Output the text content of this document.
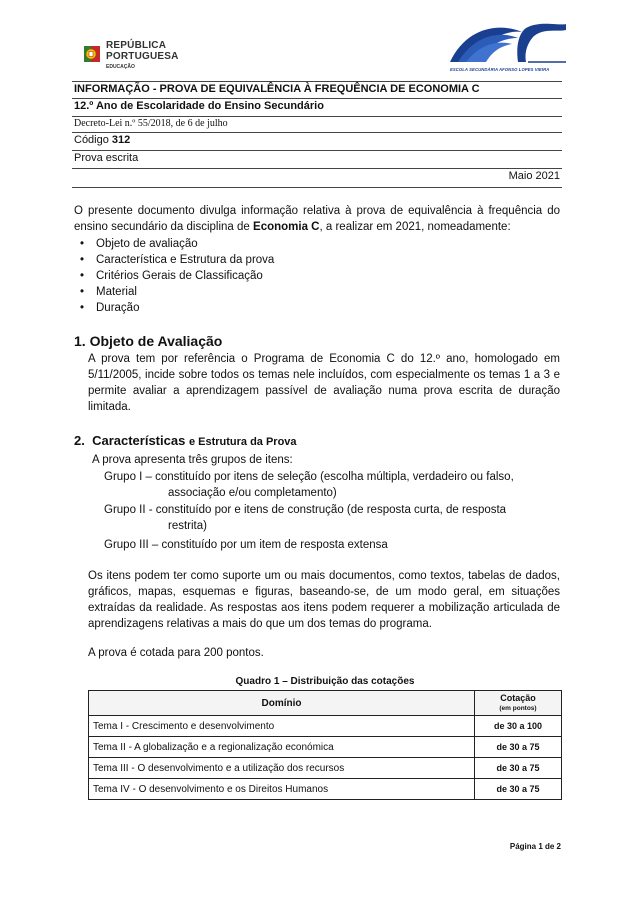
REPÚBLICA
PORTUGUESA
EDUCAÇÃO	ESCOLA SECUNDÁRIA AFONSO LOPES VIEIRA
INFORMAÇÃO - PROVA DE EQUIVALÊNCIA À FREQUÊNCIA DE ECONOMIA C
12.º Ano de Escolaridade do Ensino Secundário
Decreto-Lei n.º 55/2018, de 6 de julho
Código 312
Prova escrita
Maio 2021
O presente documento divulga informação relativa à prova de equivalência à frequência do ensino secundário da disciplina de Economia C, a realizar em 2021, nomeadamente:
• Objeto de avaliação
• Característica e Estrutura da prova
• Critérios Gerais de Classificação
• Material
• Duração
1. Objeto de Avaliação
A prova tem por referência o Programa de Economia C do 12.º ano, homologado em 5/11/2005, incide sobre todos os temas nele incluídos, com especialmente os temas 1 a 3 e permite avaliar a aprendizagem passível de avaliação numa prova escrita de duração limitada.
2. Características e Estrutura da Prova
A prova apresenta três grupos de itens:
Grupo I – constituído por itens de seleção (escolha múltipla, verdadeiro ou falso,
associação e/ou completamento)
Grupo II - constituído por e itens de construção (de resposta curta, de resposta
restrita)
Grupo III – constituído por um item de resposta extensa
Os itens podem ter como suporte um ou mais documentos, como textos, tabelas de dados, gráficos, mapas, esquemas e figuras, baseando-se, de um modo geral, em situações extraídas da realidade. As respostas aos itens podem requerer a mobilização articulada de aprendizagens relativas a mais do que um dos temas do programa.
A prova é cotada para 200 pontos.
Quadro 1 – Distribuição das cotações
Domínio	Cotação
(em pontos)
Tema I - Crescimento e desenvolvimento	de 30 a 100
Tema II - A globalização e a regionalização económica	de 30 a 75
Tema III - O desenvolvimento e a utilização dos recursos	de 30 a 75
Tema IV - O desenvolvimento e os Direitos Humanos	de 30 a 75
Página 1 de 2
